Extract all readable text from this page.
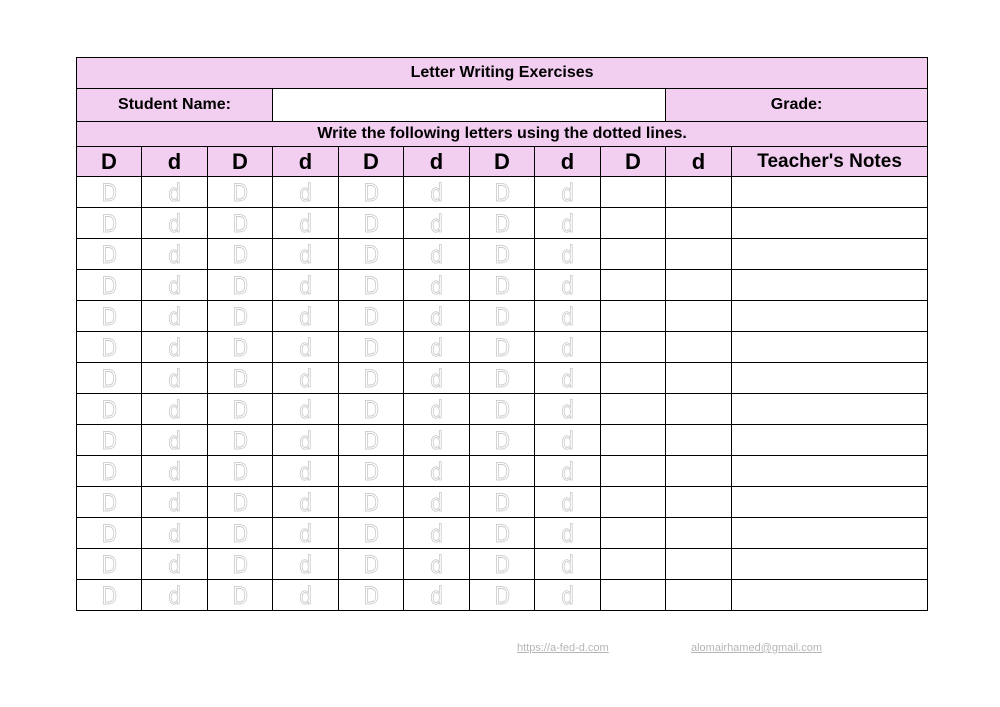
Letter Writing Exercises											
Student Name:									Grade:		
Write the following letters using the dotted lines.											
D	d	D	d	D	d	D	d	D	d	Teacher's Notes	
D	d	D	d	D	d	D	d				
D	d	D	d	D	d	D	d				
D	d	D	d	D	d	D	d				
D	d	D	d	D	d	D	d				
D	d	D	d	D	d	D	d				
D	d	D	d	D	d	D	d				
D	d	D	d	D	d	D	d				
D	d	D	d	D	d	D	d				
D	d	D	d	D	d	D	d				
D	d	D	d	D	d	D	d				
D	d	D	d	D	d	D	d				
D	d	D	d	D	d	D	d				
D	d	D	d	D	d	D	d				
D	d	D	d	D	d	D	d				
https://a-fed-d.com	alomairhamed@gmail.com
